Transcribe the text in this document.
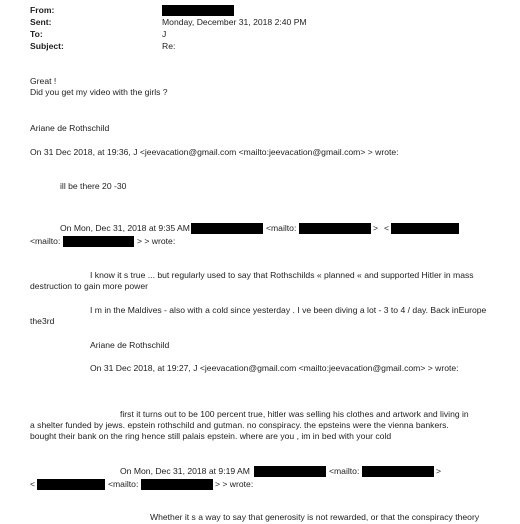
From:
Sent:	Monday, December 31, 2018 2:40 PM
To:	J
Subject:	Re:
Great !
Did you get my video with the girls ?
Ariane de Rothschild
On 31 Dec 2018, at 19:36, J <jeevacation@gmail.com <mailto:jeevacation@gmail.com> > wrote:
ill be there 20 -30
On Mon, Dec 31, 2018 at 9:35 AM	<mailto:	> <
<mailto:	> > wrote:
I know it s true ... but regularly used to say that Rothschilds « planned « and supported Hitler in mass
destruction to gain more power
I m in the Maldives - also with a cold since yesterday . I ve been diving a lot - 3 to 4 / day. Back inEurope
the3rd
Ariane de Rothschild
On 31 Dec 2018, at 19:27, J <jeevacation@gmail.com <mailto:jeevacation@gmail.com> > wrote:
first it turns out to be 100 percent true, hitler was selling his clothes and artwork and living in
a shelter funded by jews. epstein rothschild and gutman. no conspiracy. the epsteins were the vienna bankers.
bought their bank on the ring hence still palais epstein. where are you , im in bed with your cold
On Mon, Dec 31, 2018 at 9:19 AM	<mailto:	>
<	<mailto:	> > wrote:
Whether it s a way to say that generosity is not rewarded, or that the conspiracy theory
